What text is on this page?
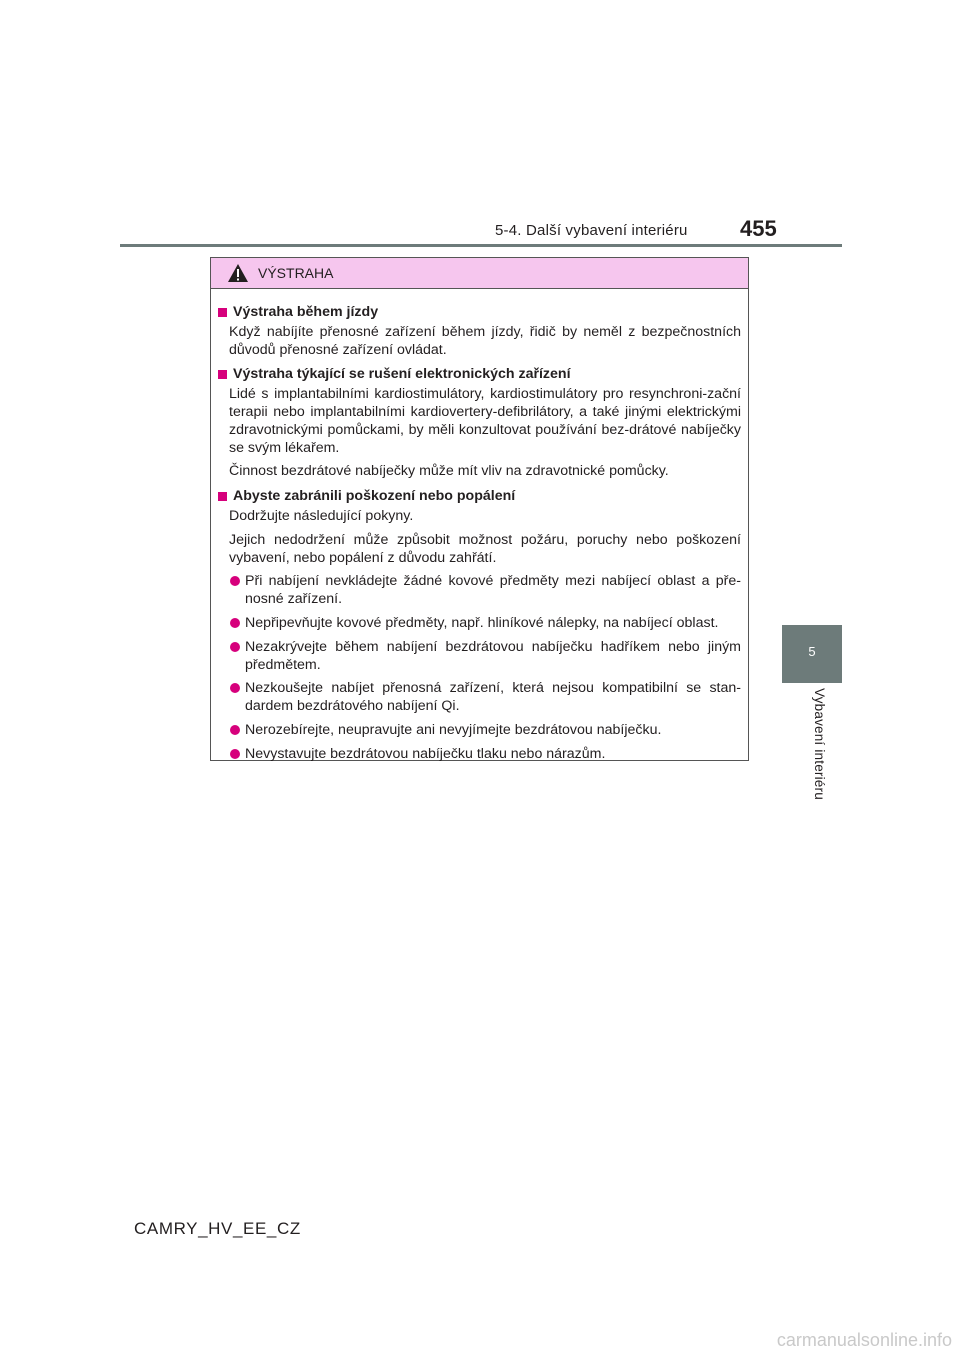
5-4. Další vybavení interiéru 455
5
Vybavení interiéru
VÝSTRAHA
Výstraha během jízdy
Když nabíjíte přenosné zařízení během jízdy, řidič by neměl z bezpečnostních důvodů přenosné zařízení ovládat.
Výstraha týkající se rušení elektronických zařízení
Lidé s implantabilními kardiostimulátory, kardiostimulátory pro resynchroni-zační terapii nebo implantabilními kardiovertery-defibrilátory, a také jinými elektrickými zdravotnickými pomůckami, by měli konzultovat používání bez-drátové nabíječky se svým lékařem.
Činnost bezdrátové nabíječky může mít vliv na zdravotnické pomůcky.
Abyste zabránili poškození nebo popálení
Dodržujte následující pokyny.
Jejich nedodržení může způsobit možnost požáru, poruchy nebo poškození vybavení, nebo popálení z důvodu zahřátí.
Při nabíjení nevkládejte žádné kovové předměty mezi nabíjecí oblast a pře-nosné zařízení.
Nepřipevňujte kovové předměty, např. hliníkové nálepky, na nabíjecí oblast.
Nezakrývejte během nabíjení bezdrátovou nabíječku hadříkem nebo jiným předmětem.
Nezkoušejte nabíjet přenosná zařízení, která nejsou kompatibilní se stan-dardem bezdrátového nabíjení Qi.
Nerozebírejte, neupravujte ani nevyjímejte bezdrátovou nabíječku.
Nevystavujte bezdrátovou nabíječku tlaku nebo nárazům.
CAMRY_HV_EE_CZ
carmanualsonline.info
